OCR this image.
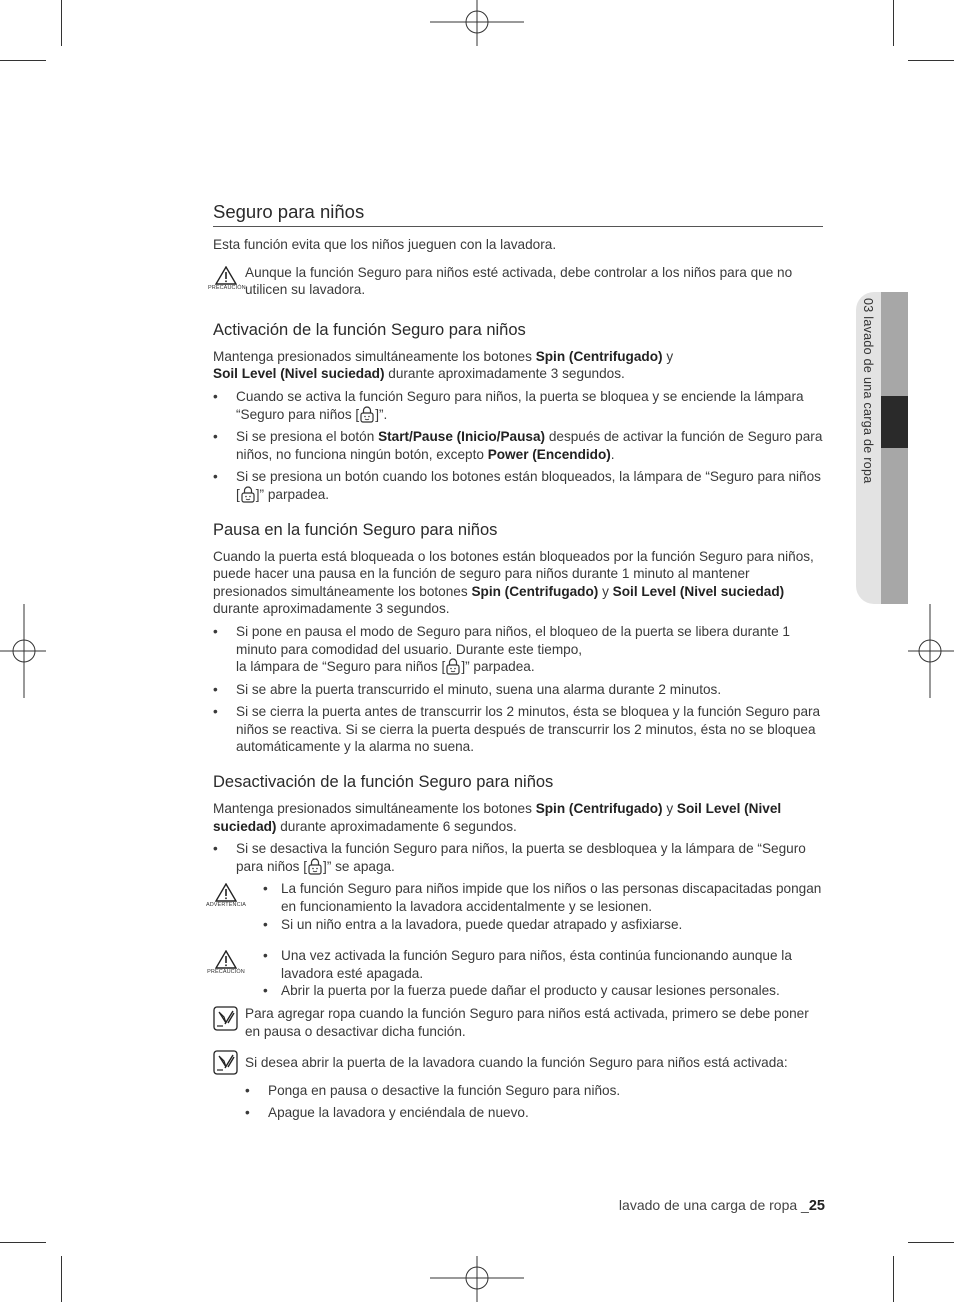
03 lavado de una carga de ropa
Seguro para niños
Esta función evita que los niños jueguen con la lavadora.
PRECAUCIÓN
Aunque la función Seguro para niños esté activada, debe controlar a los niños para que no utilicen su lavadora.
Activación de la función Seguro para niños

Mantenga presionados simultáneamente los botones Spin (Centrifugado) y
Soil Level (Nivel suciedad) durante aproximadamente 3 segundos.

• Cuando se activa la función Seguro para niños, la puerta se bloquea y se enciende la lámpara “Seguro para niños [ ]”.
• Si se presiona el botón Start/Pause (Inicio/Pausa) después de activar la función de Seguro para niños, no funciona ningún botón, excepto Power (Encendido).
• Si se presiona un botón cuando los botones están bloqueados, la lámpara de “Seguro para niños [ ]” parpadea.
Pausa en la función Seguro para niños

Cuando la puerta está bloqueada o los botones están bloqueados por la función Seguro para niños, puede hacer una pausa en la función de seguro para niños durante 1 minuto al mantener presionados simultáneamente los botones Spin (Centrifugado) y Soil Level (Nivel suciedad) durante aproximadamente 3 segundos.

• Si pone en pausa el modo de Seguro para niños, el bloqueo de la puerta se libera durante 1 minuto para comodidad del usuario. Durante este tiempo,
la lámpara de “Seguro para niños [ ]” parpadea.
• Si se abre la puerta transcurrido el minuto, suena una alarma durante 2 minutos.
• Si se cierra la puerta antes de transcurrir los 2 minutos, ésta se bloquea y la función Seguro para niños se reactiva. Si se cierra la puerta después de transcurrir los 2 minutos, ésta no se bloquea automáticamente y la alarma no suena.
Desactivación de la función Seguro para niños

Mantenga presionados simultáneamente los botones Spin (Centrifugado) y Soil Level (Nivel suciedad) durante aproximadamente 6 segundos.

• Si se desactiva la función Seguro para niños, la puerta se desbloquea y la lámpara de “Seguro para niños [ ]” se apaga.
ADVERTENCIA
• La función Seguro para niños impide que los niños o las personas discapacitadas pongan en funcionamiento la lavadora accidentalmente y se lesionen.
• Si un niño entra a la lavadora, puede quedar atrapado y asfixiarse.
PRECAUCIÓN
• Una vez activada la función Seguro para niños, ésta continúa funcionando aunque la lavadora esté apagada.
• Abrir la puerta por la fuerza puede dañar el producto y causar lesiones personales.
Para agregar ropa cuando la función Seguro para niños está activada, primero se debe poner en pausa o desactivar dicha función.
Si desea abrir la puerta de la lavadora cuando la función Seguro para niños está activada:
• Ponga en pausa o desactive la función Seguro para niños.
• Apague la lavadora y enciéndala de nuevo.
lavado de una carga de ropa _25
